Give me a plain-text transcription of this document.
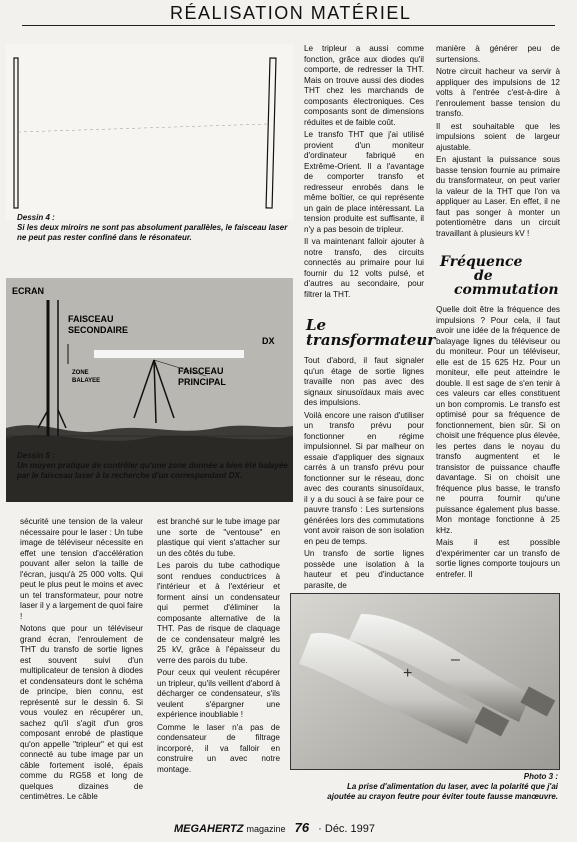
RÉALISATION MATÉRIEL
Dessin 4 :
Si les deux miroirs ne sont pas absolument parallèles, le faisceau laser ne peut pas rester confiné dans le résonateur.
ECRAN
FAISCEAU
SECONDAIRE
ZONE
BALAYEE
FAISCEAU
PRINCIPAL
DX
Dessin 5 :
Un moyen pratique de contrôler qu'une zone donnée a bien été balayée par le faisceau laser à la recherche d'un correspondant DX.

Le tripleur a aussi comme fonction, grâce aux diodes qu'il comporte, de redresser la THT. Mais on trouve aussi des diodes THT chez les marchands de composants électroniques. Ces composants sont de dimensions réduites et de faible coût.

Le transfo THT que j'ai utilisé provient d'un moniteur d'ordinateur fabriqué en Extrême-Orient. Il a l'avantage de comporter transfo et redresseur enrobés dans le même boîtier, ce qui représente un gain de place intéressant. La tension produite est suffisante, il n'y a pas besoin de tripleur.

Il va maintenant falloir ajouter à notre transfo, des circuits connectés au primaire pour lui fournir du 12 volts pulsé, et d'autres au secondaire, pour filtrer la THT.

Le
transformateur

Tout d'abord, il faut signaler qu'un étage de sortie lignes travaille non pas avec des signaux sinusoïdaux mais avec des impulsions.

Voilà encore une raison d'utiliser un transfo prévu pour fonctionner en régime impulsionnel. Si par malheur on essaie d'appliquer des signaux carrés à un transfo prévu pour fonctionner sur le réseau, donc avec des courants sinusoïdaux, il y a du souci à se faire pour ce pauvre transfo : Les surtensions générées lors des commutations vont avoir raison de son isolation en peu de temps.

Un transfo de sortie lignes possède une isolation à la hauteur et peu d'inductance parasite, de

manière à générer peu de surtensions.

Notre circuit hacheur va servir à appliquer des impulsions de 12 volts à l'entrée c'est-à-dire à l'enroulement basse tension du transfo.

Il est souhaitable que les impulsions soient de largeur ajustable.

En ajustant la puissance sous basse tension fournie au primaire du transformateur, on peut varier la valeur de la THT que l'on va appliquer au Laser. En effet, il ne faut pas songer à monter un potentiomètre dans un circuit travaillant à plusieurs kV !

Fréquence
de
commutation

Quelle doit être la fréquence des impulsions ? Pour cela, il faut avoir une idée de la fréquence de balayage lignes du téléviseur ou du moniteur. Pour un téléviseur, elle est de 15 625 Hz. Pour un moniteur, elle peut atteindre le double. Il est sage de s'en tenir à ces valeurs car elles constituent un bon compromis. Le transfo est optimisé pour sa fréquence de fonctionnement, bien sûr. Si on choisit une fréquence plus élevée, les pertes dans le noyau du transfo augmentent et le transistor de puissance chauffe davantage. Si on choisit une fréquence plus basse, le transfo ne pourra fournir qu'une puissance également plus basse. Mon montage fonctionne à 25 kHz.

Mais il est possible d'expérimenter car un transfo de sortie lignes comporte toujours un entrefer. Il

sécurité une tension de la valeur nécessaire pour le laser : Un tube image de téléviseur nécessite en effet une tension d'accélération pouvant aller selon la taille de l'écran, jusqu'à 25 000 volts. Qui peut le plus peut le moins et avec un tel transformateur, pour notre laser il y a largement de quoi faire !

Notons que pour un téléviseur grand écran, l'enroulement de THT du transfo de sortie lignes est souvent suivi d'un multiplicateur de tension à diodes et condensateurs dont le schéma de principe, bien connu, est représenté sur le dessin 6. Si vous voulez en récupérer un, sachez qu'il s'agit d'un gros composant enrobé de plastique qu'on appelle "tripleur" et qui est connecté au tube image par un câble fortement isolé, épais comme du RG58 et long de quelques dizaines de centimètres. Le câble

est branché sur le tube image par une sorte de "ventouse" en plastique qui vient s'attacher sur un des côtés du tube.

Les parois du tube cathodique sont rendues conductrices à l'intérieur et à l'extérieur et forment ainsi un condensateur qui permet d'éliminer la composante alternative de la THT. Pas de risque de claquage de ce condensateur malgré les 25 kV, grâce à l'épaisseur du verre des parois du tube.

Pour ceux qui veulent récupérer un tripleur, qu'ils veillent d'abord à décharger ce condensateur, s'ils veulent s'épargner une expérience inoubliable !

Comme le laser n'a pas de condensateur de filtrage incorporé, il va falloir en construire un avec notre montage.

+
–
Photo 3 :
La prise d'alimentation du laser, avec la polarité que j'ai ajoutée au crayon feutre pour éviter toute fausse manœuvre.
MEGAHERTZ magazine 76 · Déc. 1997
